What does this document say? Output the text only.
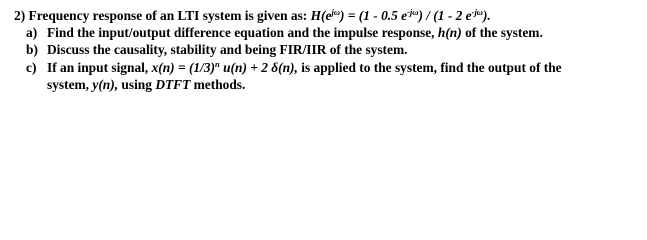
2) Frequency response of an LTI system is given as: $H(e^{j\omega}) = (1 - 0.5$ $e^{-j\omega}) / (1 - 2$ $e^{-j\omega}$).
a) Find the input/output difference equation and the impulse response, h(n) of the system.
b) Discuss the causality, stability and being FIR/IIR of the system.
c) If an input signal, $x(n) = (1/3)^n$ u(n) + 2 δ(n), is applied to the system, find the output of the
system, y(n), using DTFT methods.
